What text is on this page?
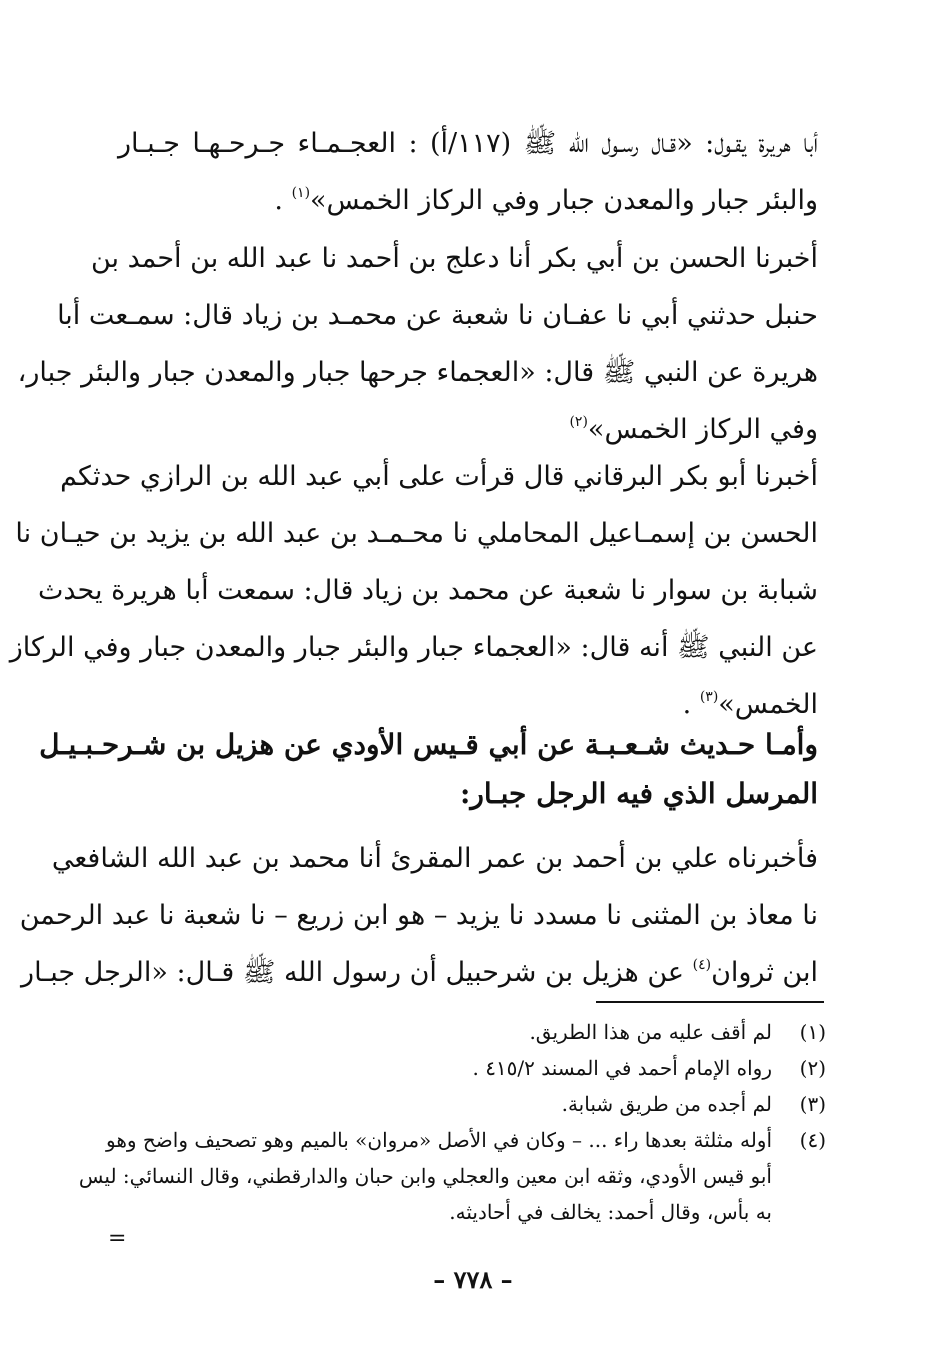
أبا هريرة يقـول: «قـال رسـول الله ﷺ (١١٧/أ) : العجـمـاء جـرحـهـا جـبـار
والبئر جبار والمعدن جبار وفي الركاز الخمس»$^{(١)}$ .
أخبرنا الحسن بن أبي بكر أنا دعلج بن أحمد نا عبد الله بن أحمد بن
حنبل حدثني أبي نا عفـان نا شعبة عن محمـد بن زياد قال: سمـعت أبا
هريرة عن النبي ﷺ قال: «العجماء جرحها جبار والمعدن جبار والبئر جبار،
وفي الركاز الخمس»$^{(٢)}$
أخبرنا أبو بكر البرقاني قال قرأت على أبي عبد الله بن الرازي حدثكم
الحسن بن إسمـاعيل المحاملي نا محـمـد بن عبد الله بن يزيد بن حيـان نا
شبابة بن سوار نا شعبة عن محمد بن زياد قال: سمعت أبا هريرة يحدث
عن النبي ﷺ أنه قال: «العجماء جبار والبئر جبار والمعدن جبار وفي الركاز
الخمس»$^{(٣)}$ .
وأمـا حـديث شـعـبـة عن أبي قـيس الأودي عن هزيل بن شـرحـبـيـل
المرسل الذي فيه الرجل جبـار:
فأخبرناه علي بن أحمد بن عمر المقرئ أنا محمد بن عبد الله الشافعي
نا معاذ بن المثنى نا مسدد نا يزيد – هو ابن زريع – نا شعبة نا عبد الرحمن
ابن ثروان$^{(٤)}$ عن هزيل بن شرحبيل أن رسول الله ﷺ قـال: «الرجل جبـار
(١)لم أقف عليه من هذا الطريق.
(٢)رواه الإمام أحمد في المسند ٤١٥/٢ .
(٣)لم أجده من طريق شبابة.
(٤)أوله مثلثة بعدها راء ... – وكان في الأصل «مروان» بالميم وهو تصحيف واضح وهو
أبو قيس الأودي، وثقه ابن معين والعجلي وابن حبان والدارقطني، وقال النسائي: ليس
به بأس، وقال أحمد: يخالف في أحاديثه.
=
– ٧٧٨ –
